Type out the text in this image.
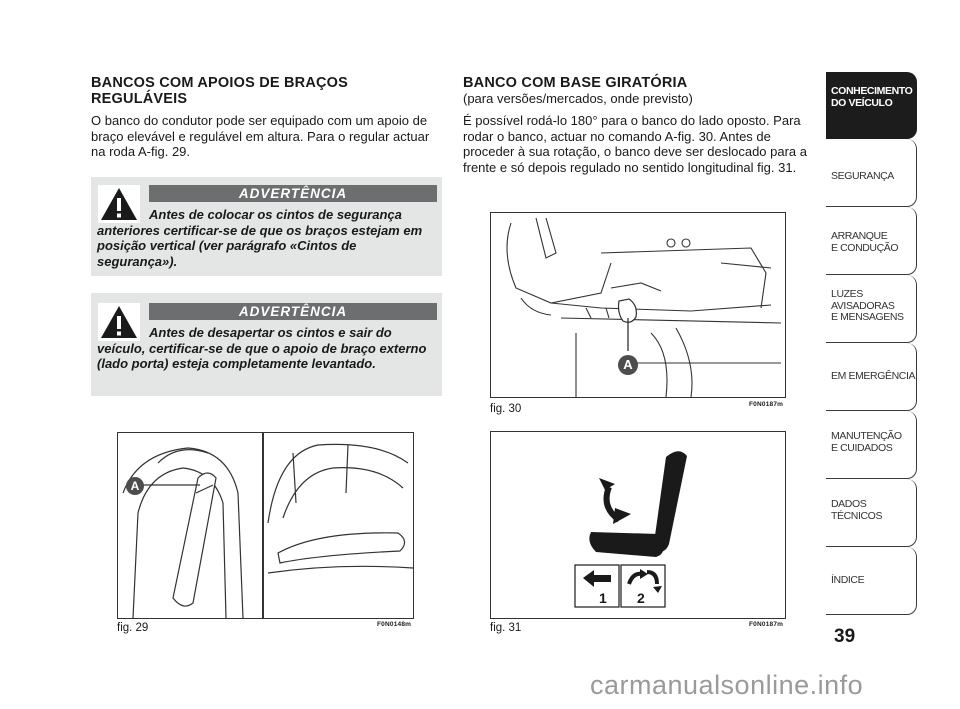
BANCOS COM APOIOS DE BRAÇOS REGULÁVEIS
O banco do condutor pode ser equipado com um apoio de braço elevável e regulável em altura. Para o regular actuar na roda A-fig. 29.
ADVERTÊNCIA
Antes de colocar os cintos de segurança anteriores certificar-se de que os braços estejam em posição vertical (ver parágrafo «Cintos de segurança»).
ADVERTÊNCIA
Antes de desapertar os cintos e sair do veículo, certificar-se de que o apoio de braço externo (lado porta) esteja completamente levantado.
A
fig. 29	F0N0148m
BANCO COM BASE GIRATÓRIA
(para versões/mercados, onde previsto)
É possível rodá-lo 180° para o banco do lado oposto. Para rodar o banco, actuar no comando A-fig. 30. Antes de proceder à sua rotação, o banco deve ser deslocado para a frente e só depois regulado no sentido longitudinal fig. 31.
A
fig. 30	F0N0187m
1 2
fig. 31	F0N0187m
CONHECIMENTO
DO VEÍCULO
SEGURANÇA
ARRANQUE
E CONDUÇÃO
LUZES
AVISADORAS
E MENSAGENS
EM EMERGÊNCIA
MANUTENÇÃO
E CUIDADOS
DADOS
TÉCNICOS
ÍNDICE
39
carmanualsonline.info
